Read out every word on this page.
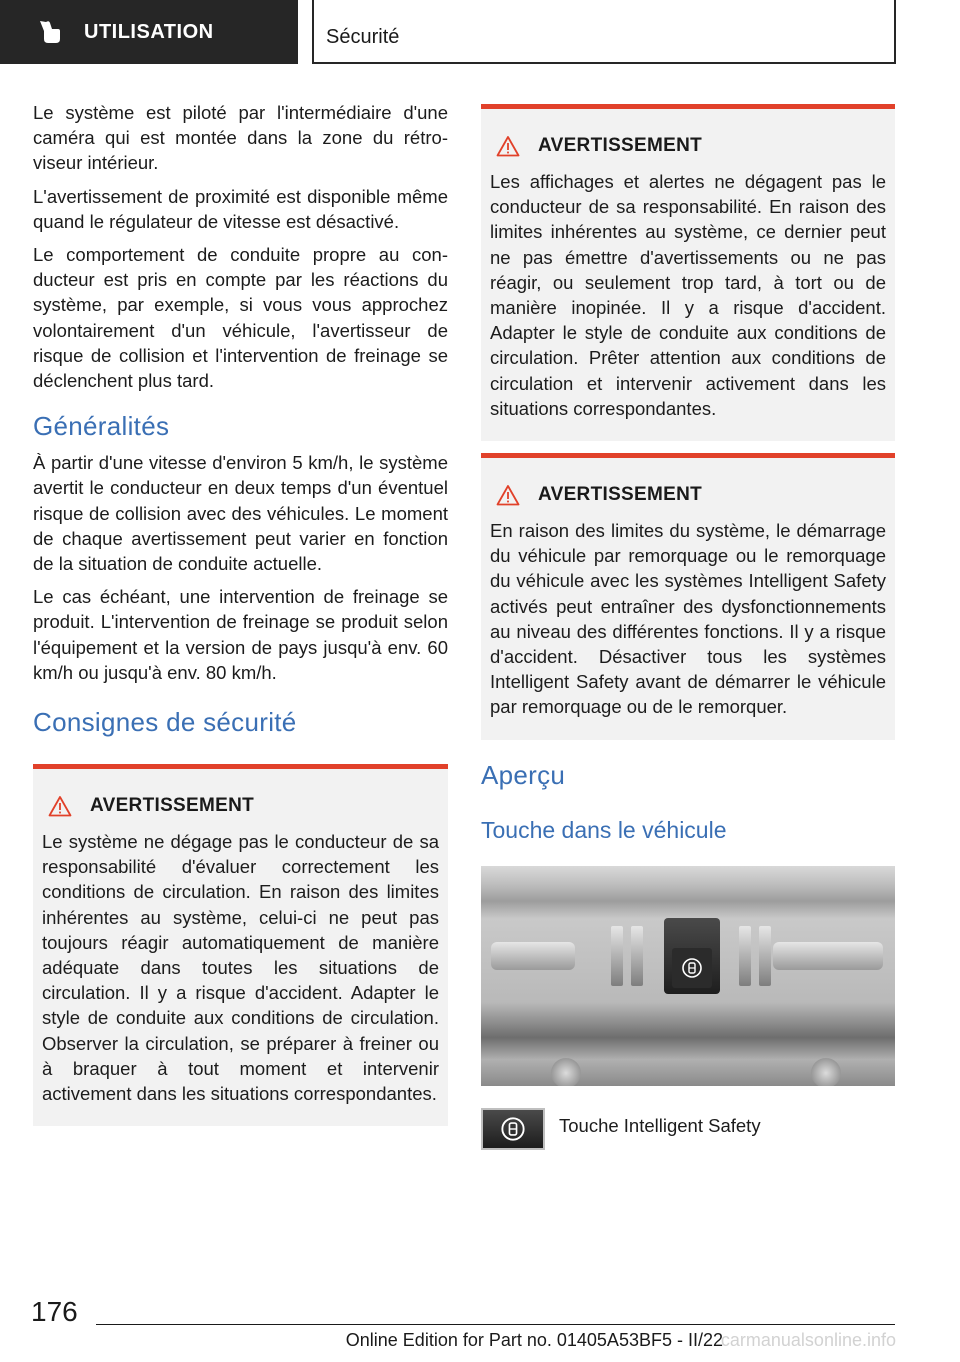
UTILISATION	Sécurité

Le système est piloté par l'intermédiaire d'une caméra qui est montée dans la zone du rétroviseur intérieur.

L'avertissement de proximité est disponible même quand le régulateur de vitesse est désactivé.

Le comportement de conduite propre au conducteur est pris en compte par les réactions du système, par exemple, si vous vous approchez volontairement d'un véhicule, l'avertisseur de risque de collision et l'intervention de freinage se déclenchent plus tard.

Généralités

À partir d'une vitesse d'environ 5 km/h, le système avertit le conducteur en deux temps d'un éventuel risque de collision avec des véhicules. Le moment de chaque avertissement peut varier en fonction de la situation de conduite actuelle.

Le cas échéant, une intervention de freinage se produit. L'intervention de freinage se produit selon l'équipement et la version de pays jusqu'à env. 60 km/h ou jusqu'à env. 80 km/h.

Consignes de sécurité
AVERTISSEMENT

Le système ne dégage pas le conducteur de sa responsabilité d'évaluer correctement les conditions de circulation. En raison des limites inhérentes au système, celui-ci ne peut pas toujours réagir automatiquement de manière adéquate dans toutes les situations de circulation. Il y a risque d'accident. Adapter le style de conduite aux conditions de circulation. Observer la circulation, se préparer à freiner ou à braquer à tout moment et intervenir activement dans les situations correspondantes.

AVERTISSEMENT

Les affichages et alertes ne dégagent pas le conducteur de sa responsabilité. En raison des limites inhérentes au système, ce dernier peut ne pas émettre d'avertissements ou ne pas réagir, ou seulement trop tard, à tort ou de manière inopinée. Il y a risque d'accident. Adapter le style de conduite aux conditions de circulation. Prêter attention aux conditions de circulation et intervenir activement dans les situations correspondantes.

AVERTISSEMENT

En raison des limites du système, le démarrage du véhicule par remorquage ou le remorquage du véhicule avec les systèmes Intelligent Safety activés peut entraîner des dysfonctionnements au niveau des différentes fonctions. Il y a risque d'accident. Désactiver tous les systèmes Intelligent Safety avant de démarrer le véhicule par remorquage ou de le remorquer.

Aperçu
Touche dans le véhicule
Touche Intelligent Safety
176
Online Edition for Part no. 01405A53BF5 - II/22
carmanualsonline.info
